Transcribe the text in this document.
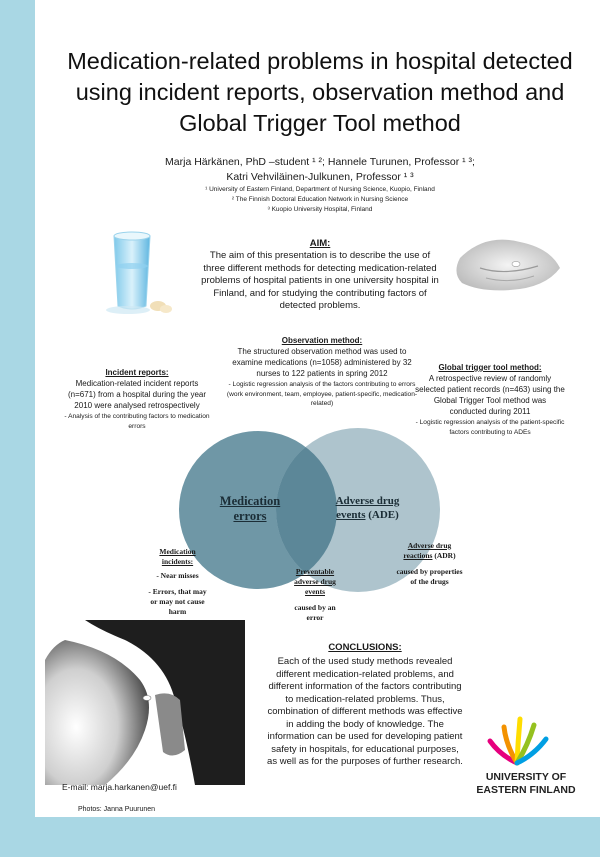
Medication-related problems in hospital detected using incident reports, observation method and Global Trigger Tool method
Marja Härkänen, PhD –student ¹ ²; Hannele Turunen, Professor ¹ ³;
Katri Vehviläinen-Julkunen, Professor ¹ ³
¹ University of Eastern Finland, Department of Nursing Science, Kuopio, Finland
² The Finnish Doctoral Education Network in Nursing Science
³ Kuopio University Hospital, Finland
AIM:
The aim of this presentation is to describe the use of three different methods for detecting medication-related problems of hospital patients in one university hospital in Finland, and for studying the contributing factors of detected problems.
Observation method:
The structured observation method was used to examine medications (n=1058) administered by 32 nurses to 122 patients in spring 2012
- Logistic regression analysis of the factors contributing to errors (work environment, team, employee, patient-specific, medication-related)
Incident reports:
Medication-related incident reports (n=671) from a hospital during the year 2010 were analysed retrospectively
- Analysis of the contributing factors to medication errors
Global trigger tool method:
A retrospective review of randomly selected patient records (n=463) using the Global Trigger Tool method was conducted during 2011
- Logistic regression analysis of the patient-specific factors contributing to ADEs
Medication
errors
Adverse drug
events (ADE)
Medication
incidents:
- Near misses
- Errors, that may
or may not cause
harm
Preventable
adverse drug
events
caused by an
error
Adverse drug
reactions (ADR)
caused by properties
of the drugs
CONCLUSIONS:
Each of the used study methods revealed different medication-related problems, and different information of the factors contributing to medication-related problems. Thus, combination of different methods was effective in adding the body of knowledge. The information can be used for developing patient safety in hospitals, for educational purposes, as well as for the purposes of further research.
E-mail: marja.harkanen@uef.fi
Photos: Janna Puurunen
UNIVERSITY OF
EASTERN FINLAND
